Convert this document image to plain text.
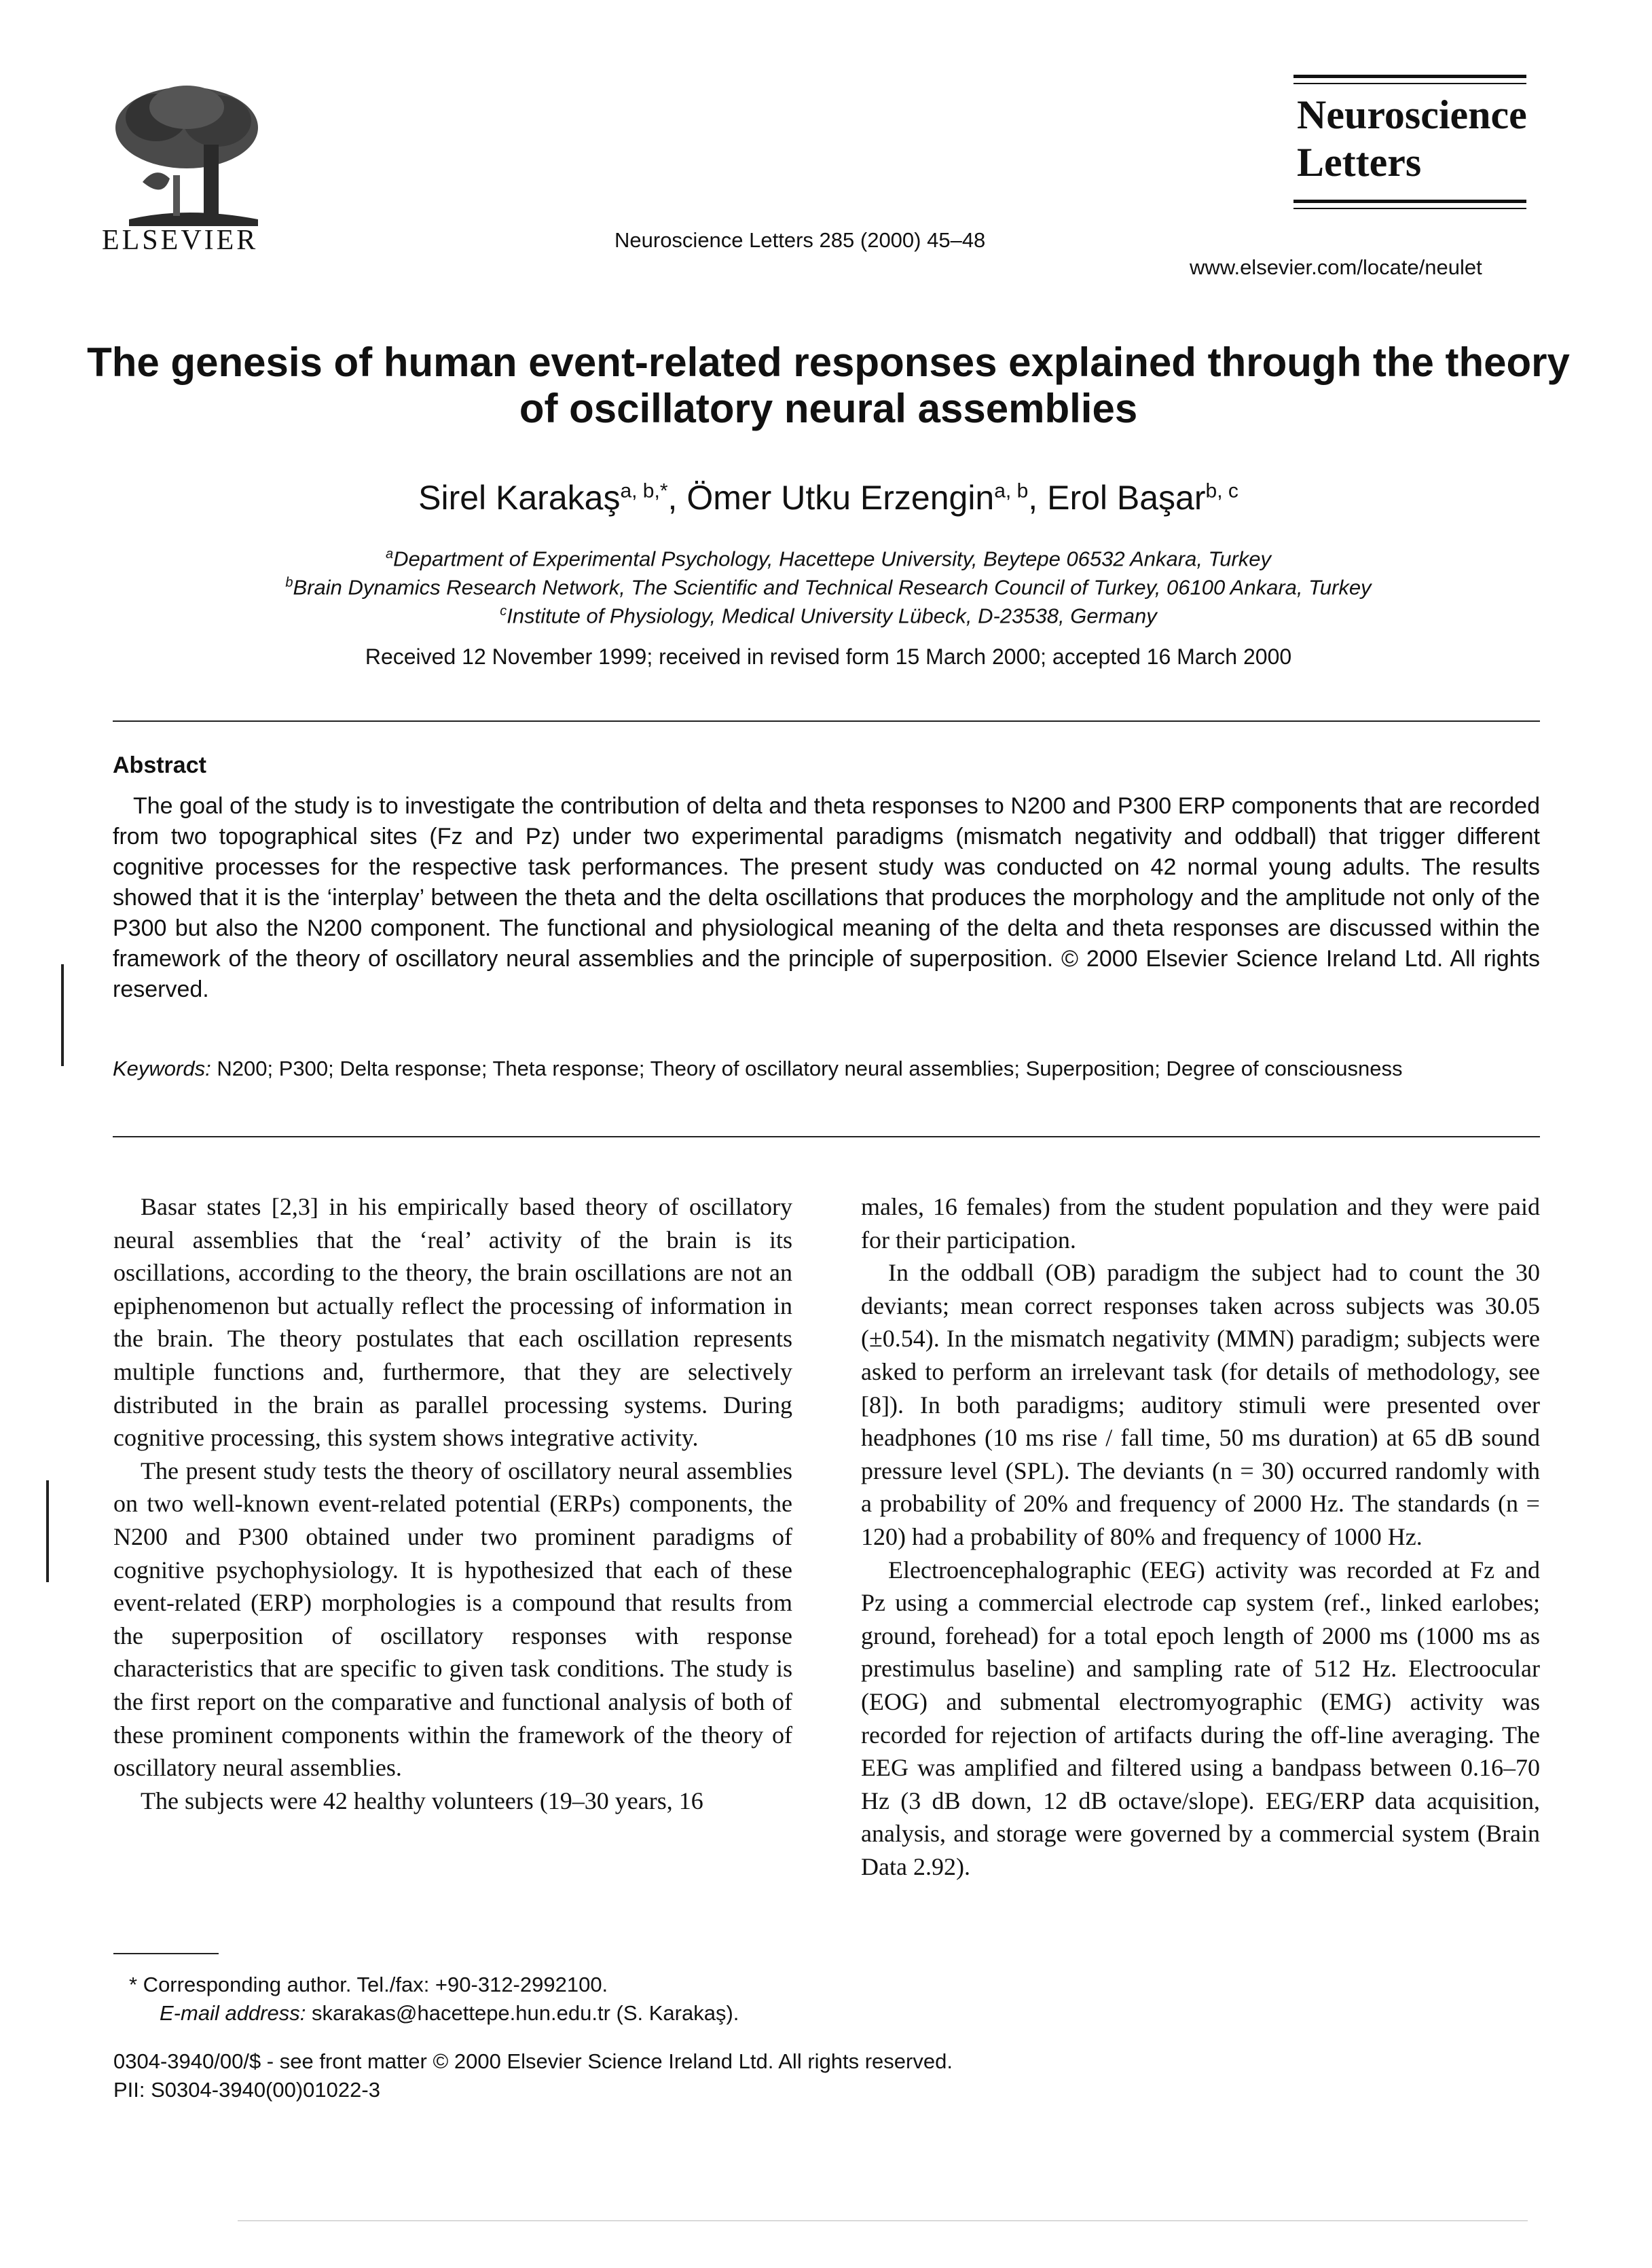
ELSEVIER	Neuroscience Letters 285 (2000) 45–48
Neuroscience Letters
www.elsevier.com/locate/neulet
The genesis of human event-related responses explained through the theory of oscillatory neural assemblies
Sirel Karakaş$^{a, b,*}$, Ömer Utku Erzengin$^{a, b}$, Erol Başar$^{b, c}$
$^a$Department of Experimental Psychology, Hacettepe University, Beytepe 06532 Ankara, Turkey
$^b$Brain Dynamics Research Network, The Scientific and Technical Research Council of Turkey, 06100 Ankara, Turkey
$^c$Institute of Physiology, Medical University Lübeck, D-23538, Germany
Received 12 November 1999; received in revised form 15 March 2000; accepted 16 March 2000
Abstract
The goal of the study is to investigate the contribution of delta and theta responses to N200 and P300 ERP components that are recorded from two topographical sites (Fz and Pz) under two experimental paradigms (mismatch negativity and oddball) that trigger different cognitive processes for the respective task performances. The present study was conducted on 42 normal young adults. The results showed that it is the ‘interplay’ between the theta and the delta oscillations that produces the morphology and the amplitude not only of the P300 but also the N200 component. The functional and physiological meaning of the delta and theta responses are discussed within the framework of the theory of oscillatory neural assemblies and the principle of superposition. © 2000 Elsevier Science Ireland Ltd. All rights reserved.
Keywords: N200; P300; Delta response; Theta response; Theory of oscillatory neural assemblies; Superposition; Degree of consciousness

Basar states [2,3] in his empirically based theory of oscillatory neural assemblies that the ‘real’ activity of the brain is its oscillations, according to the theory, the brain oscillations are not an epiphenomenon but actually reflect the processing of information in the brain. The theory postulates that each oscillation represents multiple functions and, furthermore, that they are selectively distributed in the brain as parallel processing systems. During cognitive processing, this system shows integrative activity.

The present study tests the theory of oscillatory neural assemblies on two well-known event-related potential (ERPs) components, the N200 and P300 obtained under two prominent paradigms of cognitive psychophysiology. It is hypothesized that each of these event-related (ERP) morphologies is a compound that results from the superposition of oscillatory responses with response characteristics that are specific to given task conditions. The study is the first report on the comparative and functional analysis of both of these prominent components within the framework of the theory of oscillatory neural assemblies.

The subjects were 42 healthy volunteers (19–30 years, 16

males, 16 females) from the student population and they were paid for their participation.

In the oddball (OB) paradigm the subject had to count the 30 deviants; mean correct responses taken across subjects was 30.05 (±0.54). In the mismatch negativity (MMN) paradigm; subjects were asked to perform an irrelevant task (for details of methodology, see [8]). In both paradigms; auditory stimuli were presented over headphones (10 ms rise / fall time, 50 ms duration) at 65 dB sound pressure level (SPL). The deviants (n = 30) occurred randomly with a probability of 20% and frequency of 2000 Hz. The standards (n = 120) had a probability of 80% and frequency of 1000 Hz.

Electroencephalographic (EEG) activity was recorded at Fz and Pz using a commercial electrode cap system (ref., linked earlobes; ground, forehead) for a total epoch length of 2000 ms (1000 ms as prestimulus baseline) and sampling rate of 512 Hz. Electroocular (EOG) and submental electromyographic (EMG) activity was recorded for rejection of artifacts during the off-line averaging. The EEG was amplified and filtered using a bandpass between 0.16–70 Hz (3 dB down, 12 dB octave/slope). EEG/ERP data acquisition, analysis, and storage were governed by a commercial system (Brain Data 2.92).

* Corresponding author. Tel./fax: +90-312-2992100.
E-mail address: skarakas@hacettepe.hun.edu.tr (S. Karakaş).
0304-3940/00/$ - see front matter © 2000 Elsevier Science Ireland Ltd. All rights reserved.
PII: S0304-3940(00)01022-3
